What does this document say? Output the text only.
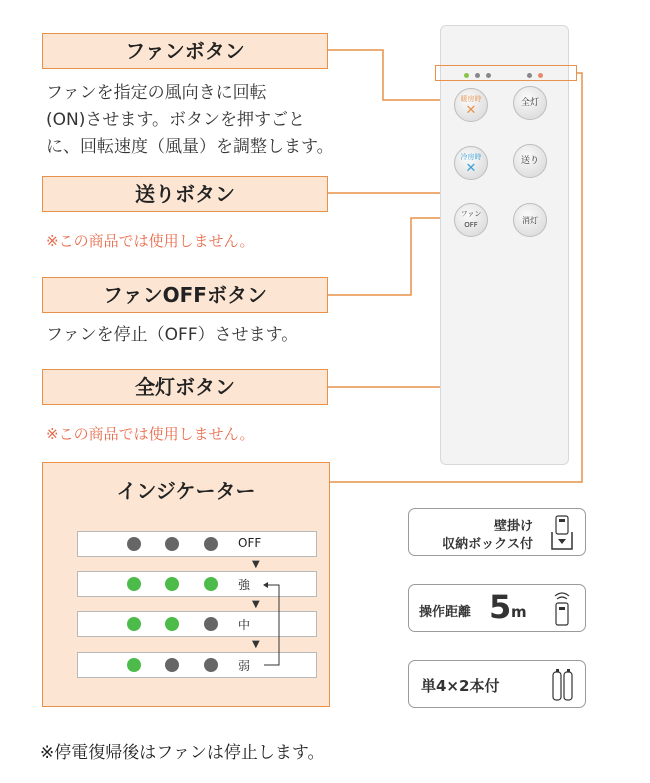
ファンボタン
ファンを指定の風向きに回転
(ON)させます。ボタンを押すごと
に、回転速度（風量）を調整します。
送りボタン
※この商品では使用しません。
ファンOFFボタン
ファンを停止（OFF）させます。
全灯ボタン
※この商品では使用しません。
暖房時
✕	全灯
冷房時
✕	送り
ファン
OFF
消灯
インジケーター
OFF
▼
強
▼
中
▼
弱
壁掛け
収納ボックス付
操作距離 5 m
単4×2本付
※停電復帰後はファンは停止します。
